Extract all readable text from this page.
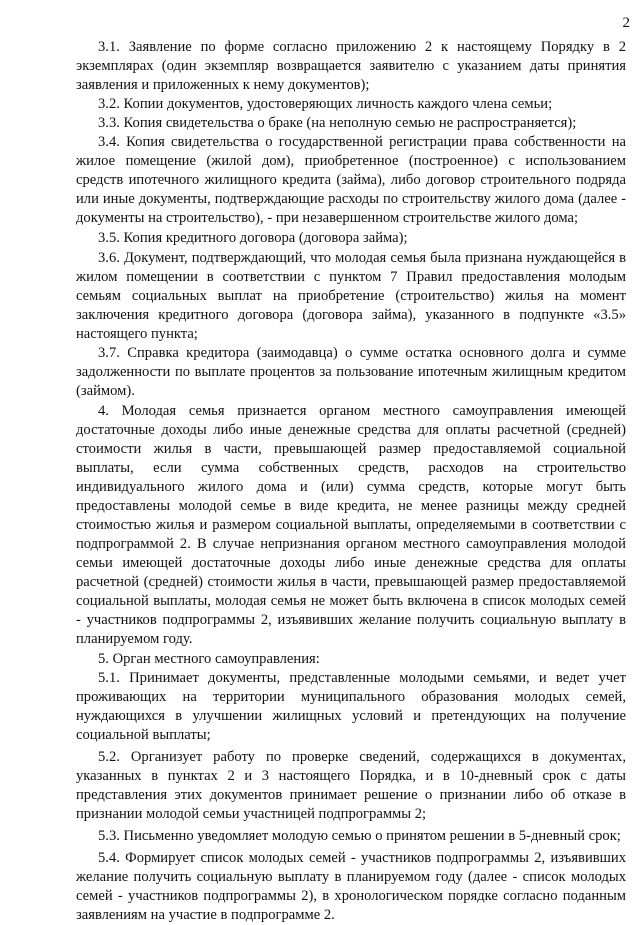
2

3.1. Заявление по форме согласно приложению 2 к настоящему Порядку в 2 экземплярах (один экземпляр возвращается заявителю с указанием даты принятия заявления и приложенных к нему документов);

3.2. Копии документов, удостоверяющих личность каждого члена семьи;

3.3. Копия свидетельства о браке (на неполную семью не распространяется);

3.4. Копия свидетельства о государственной регистрации права собственности на жилое помещение (жилой дом), приобретенное (построенное) с использованием средств ипотечного жилищного кредита (займа), либо договор строительного подряда или иные документы, подтверждающие расходы по строительству жилого дома (далее - документы на строительство), - при незавершенном строительстве жилого дома;

3.5. Копия кредитного договора (договора займа);

3.6. Документ, подтверждающий, что молодая семья была признана нуждающейся в жилом помещении в соответствии с пунктом 7 Правил предоставления молодым семьям социальных выплат на приобретение (строительство) жилья на момент заключения кредитного договора (договора займа), указанного в подпункте «3.5» настоящего пункта;

3.7. Справка кредитора (заимодавца) о сумме остатка основного долга и сумме задолженности по выплате процентов за пользование ипотечным жилищным кредитом (займом).

4. Молодая семья признается органом местного самоуправления имеющей достаточные доходы либо иные денежные средства для оплаты расчетной (средней) стоимости жилья в части, превышающей размер предоставляемой социальной выплаты, если сумма собственных средств, расходов на строительство индивидуального жилого дома и (или) сумма средств, которые могут быть предоставлены молодой семье в виде кредита, не менее разницы между средней стоимостью жилья и размером социальной выплаты, определяемыми в соответствии с подпрограммой 2. В случае непризнания органом местного самоуправления молодой семьи имеющей достаточные доходы либо иные денежные средства для оплаты расчетной (средней) стоимости жилья в части, превышающей размер предоставляемой социальной выплаты, молодая семья не может быть включена в список молодых семей - участников подпрограммы 2, изъявивших желание получить социальную выплату в планируемом году.

5. Орган местного самоуправления:

5.1. Принимает документы, представленные молодыми семьями, и ведет учет проживающих на территории муниципального образования молодых семей, нуждающихся в улучшении жилищных условий и претендующих на получение социальной выплаты;

5.2. Организует работу по проверке сведений, содержащихся в документах, указанных в пунктах 2 и 3 настоящего Порядка, и в 10-дневный срок с даты представления этих документов принимает решение о признании либо об отказе в признании молодой семьи участницей подпрограммы 2;

5.3. Письменно уведомляет молодую семью о принятом решении в 5-дневный срок;

5.4. Формирует список молодых семей - участников подпрограммы 2, изъявивших желание получить социальную выплату в планируемом году (далее - список молодых семей - участников подпрограммы 2), в хронологическом порядке согласно поданным заявлениям на участие в подпрограмме 2.
